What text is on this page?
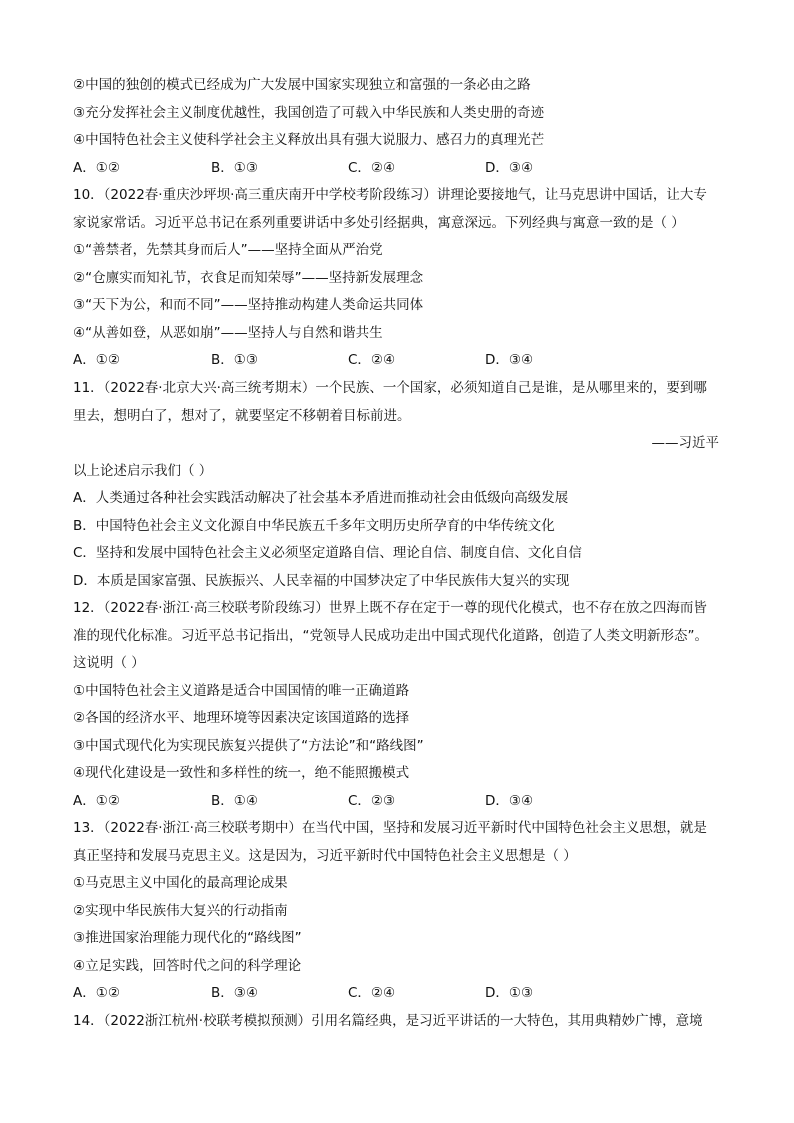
②中国的独创的模式已经成为广大发展中国家实现独立和富强的一条必由之路
③充分发挥社会主义制度优越性，我国创造了可载入中华民族和人类史册的奇迹
④中国特色社会主义使科学社会主义释放出具有强大说服力、感召力的真理光芒
A．①②	B．①③	C．②④	D．③④
10．（2022春·重庆沙坪坝·高三重庆南开中学校考阶段练习）讲理论要接地气，让马克思讲中国话，让大专
家说家常话。习近平总书记在系列重要讲话中多处引经据典，寓意深远。下列经典与寓意一致的是（ ）
①“善禁者，先禁其身而后人”——坚持全面从严治党
②“仓廪实而知礼节，衣食足而知荣辱”——坚持新发展理念
③“天下为公，和而不同”——坚持推动构建人类命运共同体
④“从善如登，从恶如崩”——坚持人与自然和谐共生
A．①②	B．①③	C．②④	D．③④
11．（2022春·北京大兴·高三统考期末）一个民族、一个国家，必须知道自己是谁，是从哪里来的，要到哪
里去，想明白了，想对了，就要坚定不移朝着目标前进。
——习近平
以上论述启示我们（ ）
A．人类通过各种社会实践活动解决了社会基本矛盾进而推动社会由低级向高级发展
B．中国特色社会主义文化源自中华民族五千多年文明历史所孕育的中华传统文化
C．坚持和发展中国特色社会主义必须坚定道路自信、理论自信、制度自信、文化自信
D．本质是国家富强、民族振兴、人民幸福的中国梦决定了中华民族伟大复兴的实现
12．（2022春·浙江·高三校联考阶段练习）世界上既不存在定于一尊的现代化模式，也不存在放之四海而皆
准的现代化标准。习近平总书记指出，“党领导人民成功走出中国式现代化道路，创造了人类文明新形态”。
这说明（ ）
①中国特色社会主义道路是适合中国国情的唯一正确道路
②各国的经济水平、地理环境等因素决定该国道路的选择
③中国式现代化为实现民族复兴提供了“方法论”和“路线图”
④现代化建设是一致性和多样性的统一，绝不能照搬模式
A．①②	B．①④	C．②③	D．③④
13．（2022春·浙江·高三校联考期中）在当代中国，坚持和发展习近平新时代中国特色社会主义思想，就是
真正坚持和发展马克思主义。这是因为，习近平新时代中国特色社会主义思想是（ ）
①马克思主义中国化的最高理论成果
②实现中华民族伟大复兴的行动指南
③推进国家治理能力现代化的“路线图”
④立足实践，回答时代之问的科学理论
A．①②	B．③④	C．②④	D．①③
14．（2022浙江杭州·校联考模拟预测）引用名篇经典，是习近平讲话的一大特色，其用典精妙广博，意境
